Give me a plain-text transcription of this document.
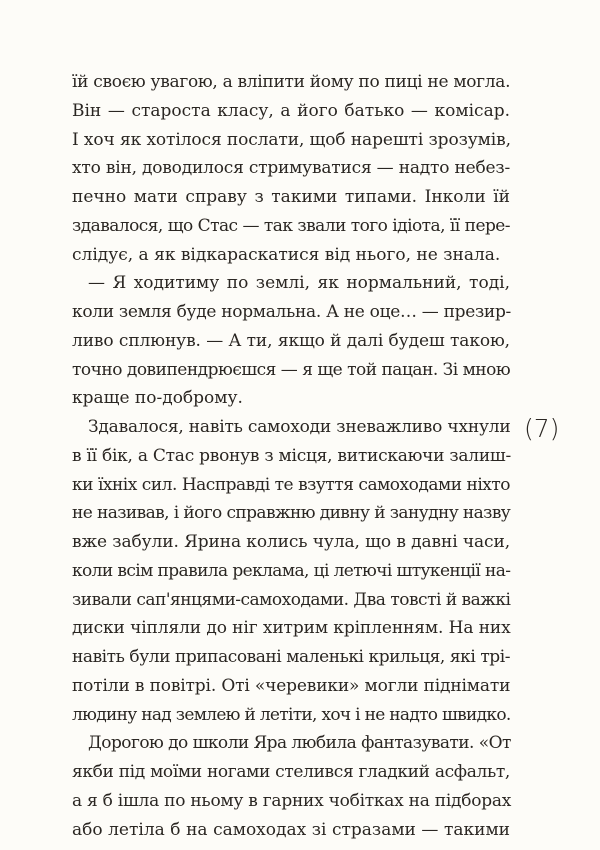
їй своєю увагою, а вліпити йому по пиці не могла.
Він — староста класу, а його батько — комісар.
І хоч як хотілося послати, щоб нарешті зрозумів,
хто він, доводилося стримуватися — надто небез-
печно мати справу з такими типами. Інколи їй
здавалося, що Стас — так звали того ідіота, її пере-
слідує, а як відкараскатися від нього, не знала.
— Я ходитиму по землі, як нормальний, тоді,
коли земля буде нормальна. А не оце… — презир-
ливо сплюнув. — А ти, якщо й далі будеш такою,
точно довипендрюєшся — я ще той пацан. Зі мною
краще по-доброму.
Здавалося, навіть самоходи зневажливо чхнули
в її бік, а Стас рвонув з місця, витискаючи залиш-
ки їхніх сил. Насправді те взуття самоходами ніхто
не називав, і його справжню дивну й занудну назву
вже забули. Ярина колись чула, що в давні часи,
коли всім правила реклама, ці летючі штукенції на-
зивали сап'янцями-самоходами. Два товсті й важкі
диски чіпляли до ніг хитрим кріпленням. На них
навіть були припасовані маленькі крильця, які трі-
потіли в повітрі. Оті «черевики» могли піднімати
людину над землею й летіти, хоч і не надто швидко.
Дорогою до школи Яра любила фантазувати. «От
якби під моїми ногами стелився гладкий асфальт,
а я б ішла по ньому в гарних чобітках на підборах
або летіла б на самоходах зі стразами — такими
(7)
